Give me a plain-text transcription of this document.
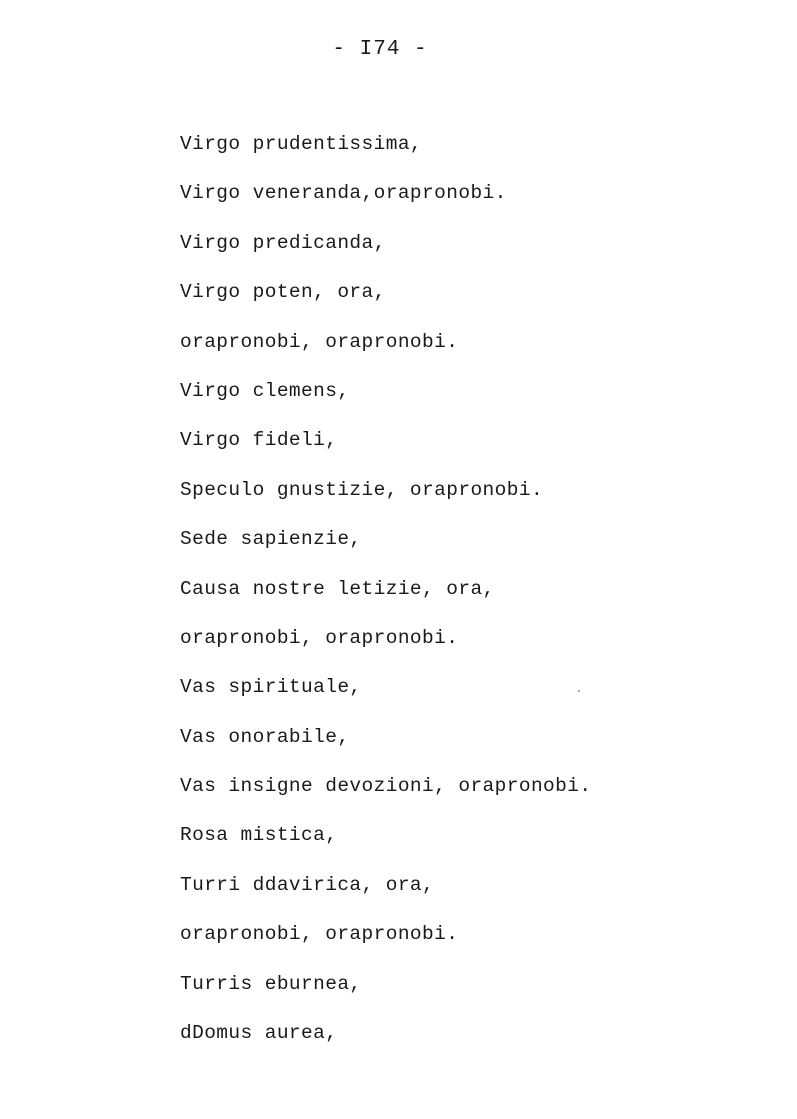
- I74 -
Virgo prudentissima,
Virgo veneranda,orapronobi.
Virgo predicanda,
Virgo poten, ora,
orapronobi, orapronobi.
Virgo clemens,
Virgo fideli,
Speculo gnustizie, orapronobi.
Sede sapienzie,
Causa nostre letizie, ora,
orapronobi, orapronobi.
Vas spirituale,
Vas onorabile,
Vas insigne devozioni, orapronobi.
Rosa mistica,
Turri ddavirica, ora,
orapronobi, orapronobi.
Turris eburnea,
dDomus aurea,
